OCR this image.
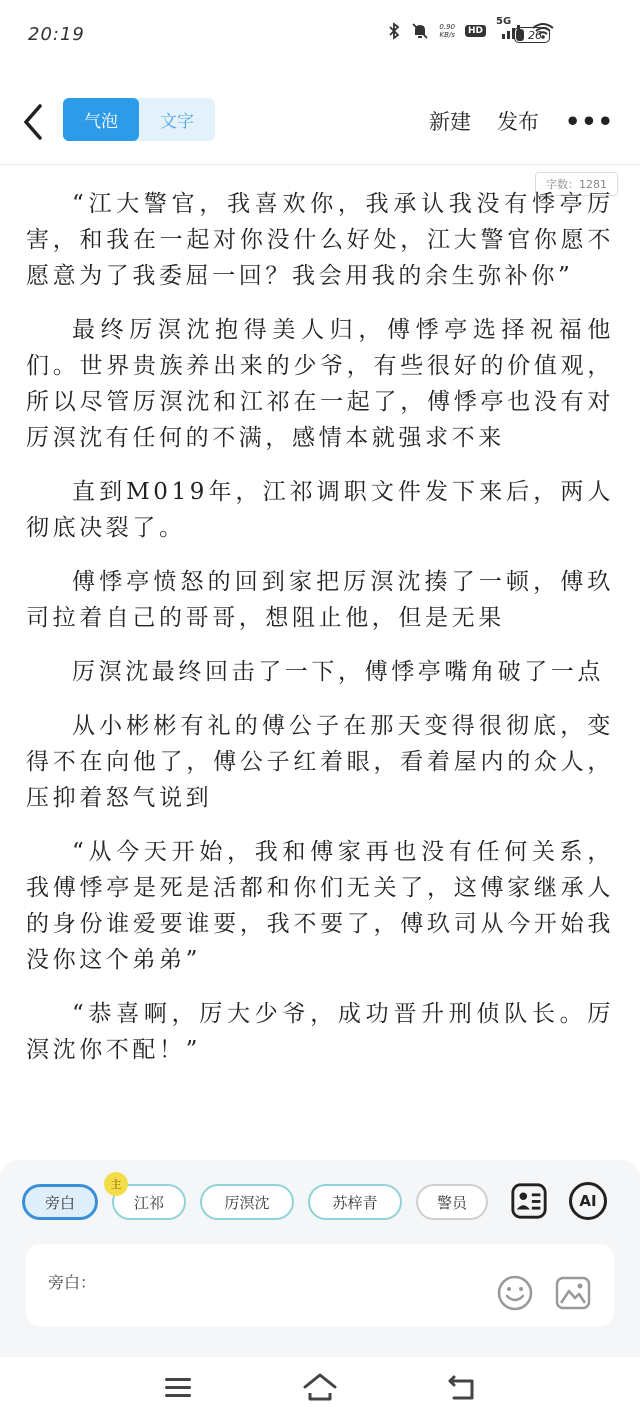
20:19	0.90
KB/s	HD
5G
26
气泡	文字	新建 发布 •••
字数：1281

“江大警官，我喜欢你，我承认我没有悸亭厉害，和我在一起对你没什么好处，江大警官你愿不愿意为了我委屈一回？我会用我的余生弥补你”

最终厉溟沈抱得美人归，傅悸亭选择祝福他们。世界贵族养出来的少爷，有些很好的价值观，所以尽管厉溟沈和江祁在一起了，傅悸亭也没有对厉溟沈有任何的不满，感情本就强求不来

直到M019年，江祁调职文件发下来后，两人彻底决裂了。

傅悸亭愤怒的回到家把厉溟沈揍了一顿，傅玖司拉着自己的哥哥，想阻止他，但是无果

厉溟沈最终回击了一下，傅悸亭嘴角破了一点

从小彬彬有礼的傅公子在那天变得很彻底，变得不在向他了，傅公子红着眼，看着屋内的众人，压抑着怒气说到

“从今天开始，我和傅家再也没有任何关系，我傅悸亭是死是活都和你们无关了，这傅家继承人的身份谁爱要谁要，我不要了，傅玖司从今开始我没你这个弟弟”

“恭喜啊，厉大少爷，成功晋升刑侦队长。厉溟沈你不配！”

旁白
主
江祁	厉溟沈	苏梓青	警员	AI
旁白：
